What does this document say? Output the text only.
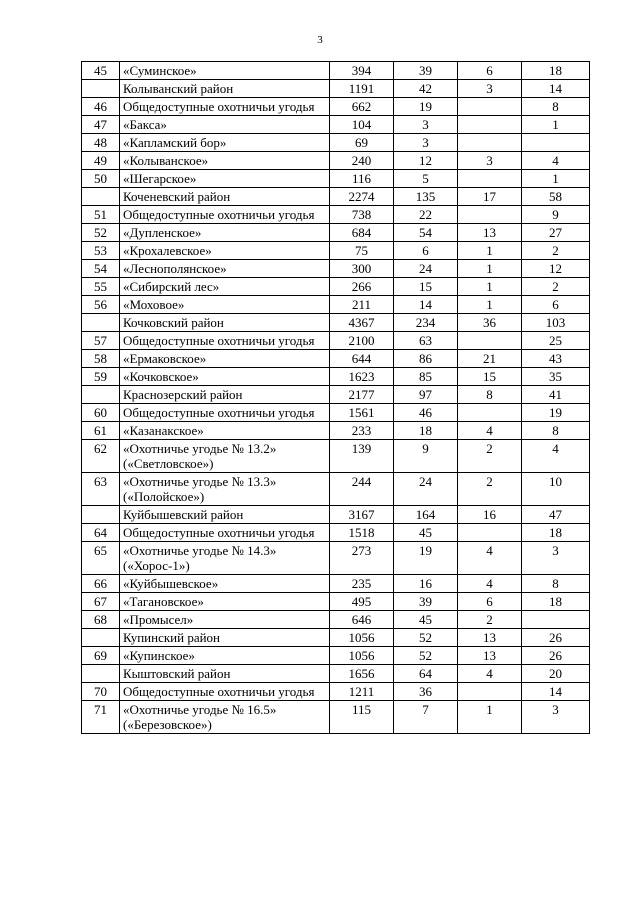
3
45	«Суминское»	394	39	6	18
	Колыванский район	1191	42	3	14
46	Общедоступные охотничьи угодья	662	19		8
47	«Бакса»	104	3		1
48	«Капламский бор»	69	3		
49	«Колыванское»	240	12	3	4
50	«Шегарское»	116	5		1
	Коченевский район	2274	135	17	58
51	Общедоступные охотничьи угодья	738	22		9
52	«Дупленское»	684	54	13	27
53	«Крохалевское»	75	6	1	2
54	«Леснополянское»	300	24	1	12
55	«Сибирский лес»	266	15	1	2
56	«Моховое»	211	14	1	6
	Кочковский район	4367	234	36	103
57	Общедоступные охотничьи угодья	2100	63		25
58	«Ермаковское»	644	86	21	43
59	«Кочковское»	1623	85	15	35
	Краснозерский район	2177	97	8	41
60	Общедоступные охотничьи угодья	1561	46		19
61	«Казанакское»	233	18	4	8
62	«Охотничье угодье № 13.2» («Светловское»)	139	9	2	4
63	«Охотничье угодье № 13.3» («Полойское»)	244	24	2	10
	Куйбышевский район	3167	164	16	47
64	Общедоступные охотничьи угодья	1518	45		18
65	«Охотничье угодье № 14.3» («Хорос-1»)	273	19	4	3
66	«Куйбышевское»	235	16	4	8
67	«Тагановское»	495	39	6	18
68	«Промысел»	646	45	2	
	Купинский район	1056	52	13	26
69	«Купинское»	1056	52	13	26
	Кыштовский район	1656	64	4	20
70	Общедоступные охотничьи угодья	1211	36		14
71	«Охотничье угодье № 16.5» («Березовское»)	115	7	1	3
